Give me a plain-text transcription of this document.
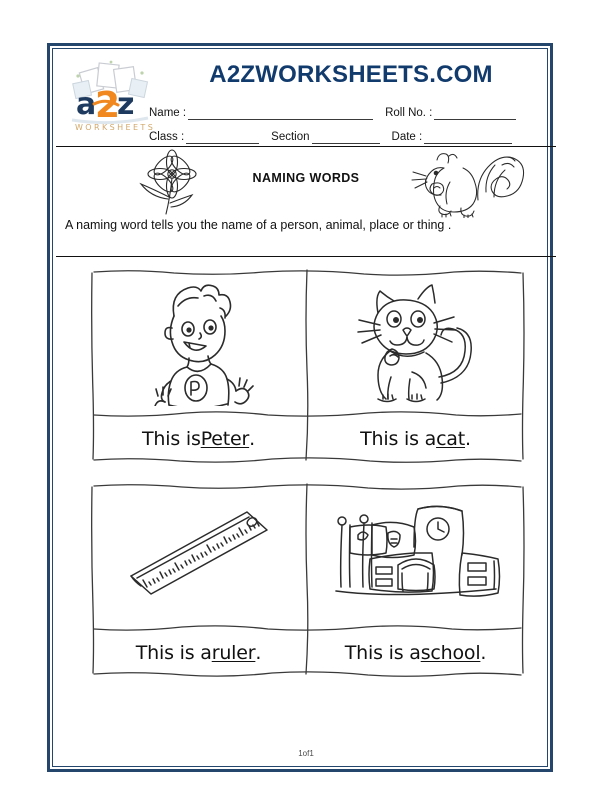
a
2
z
WORKSHEETS
A2ZWORKSHEETS.COM
Name :	Roll No. :
Class :	Section	Date :
NAMING WORDS
A naming word tells you the name of a person, animal, place or thing .
This is Peter .	This is a cat .
This is a ruler .	This is a school .
1of1
